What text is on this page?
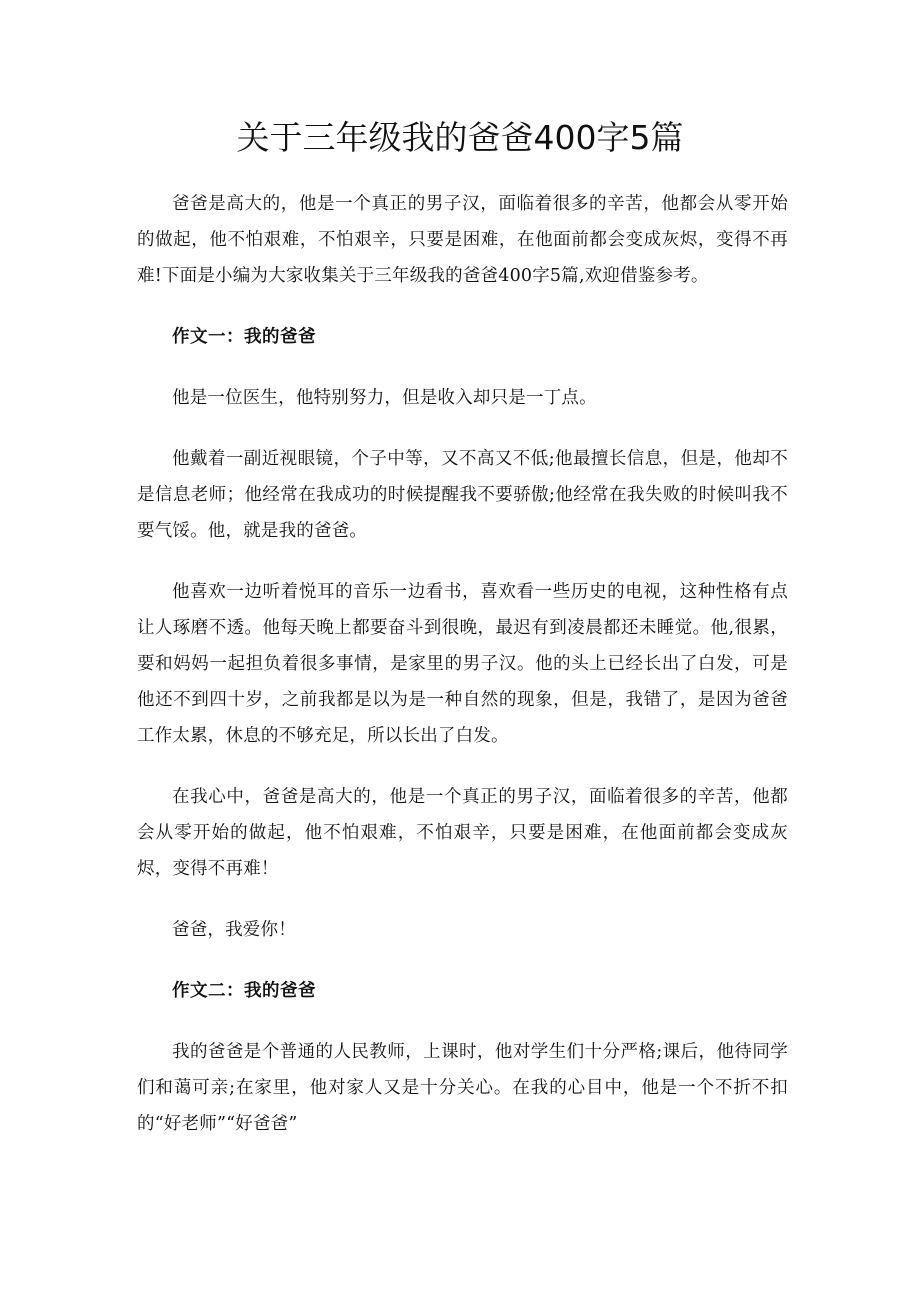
关于三年级我的爸爸400字5篇

爸爸是高大的，他是一个真正的男子汉，面临着很多的辛苦，他都会从零开始的做起，他不怕艰难，不怕艰辛，只要是困难，在他面前都会变成灰烬，变得不再难!下面是小编为大家收集关于三年级我的爸爸400字5篇,欢迎借鉴参考。

作文一：我的爸爸

他是一位医生，他特别努力，但是收入却只是一丁点。

他戴着一副近视眼镜，个子中等，又不高又不低;他最擅长信息，但是，他却不是信息老师；他经常在我成功的时候提醒我不要骄傲;他经常在我失败的时候叫我不要气馁。他，就是我的爸爸。

他喜欢一边听着悦耳的音乐一边看书，喜欢看一些历史的电视，这种性格有点让人琢磨不透。他每天晚上都要奋斗到很晚，最迟有到凌晨都还未睡觉。他,很累，要和妈妈一起担负着很多事情，是家里的男子汉。他的头上已经长出了白发，可是他还不到四十岁，之前我都是以为是一种自然的现象，但是，我错了，是因为爸爸工作太累，休息的不够充足，所以长出了白发。

在我心中，爸爸是高大的，他是一个真正的男子汉，面临着很多的辛苦，他都会从零开始的做起，他不怕艰难，不怕艰辛，只要是困难，在他面前都会变成灰烬，变得不再难！

爸爸，我爱你！

作文二：我的爸爸

我的爸爸是个普通的人民教师，上课时，他对学生们十分严格;课后，他待同学们和蔼可亲;在家里，他对家人又是十分关心。在我的心目中，他是一个不折不扣的“好老师”“好爸爸”
